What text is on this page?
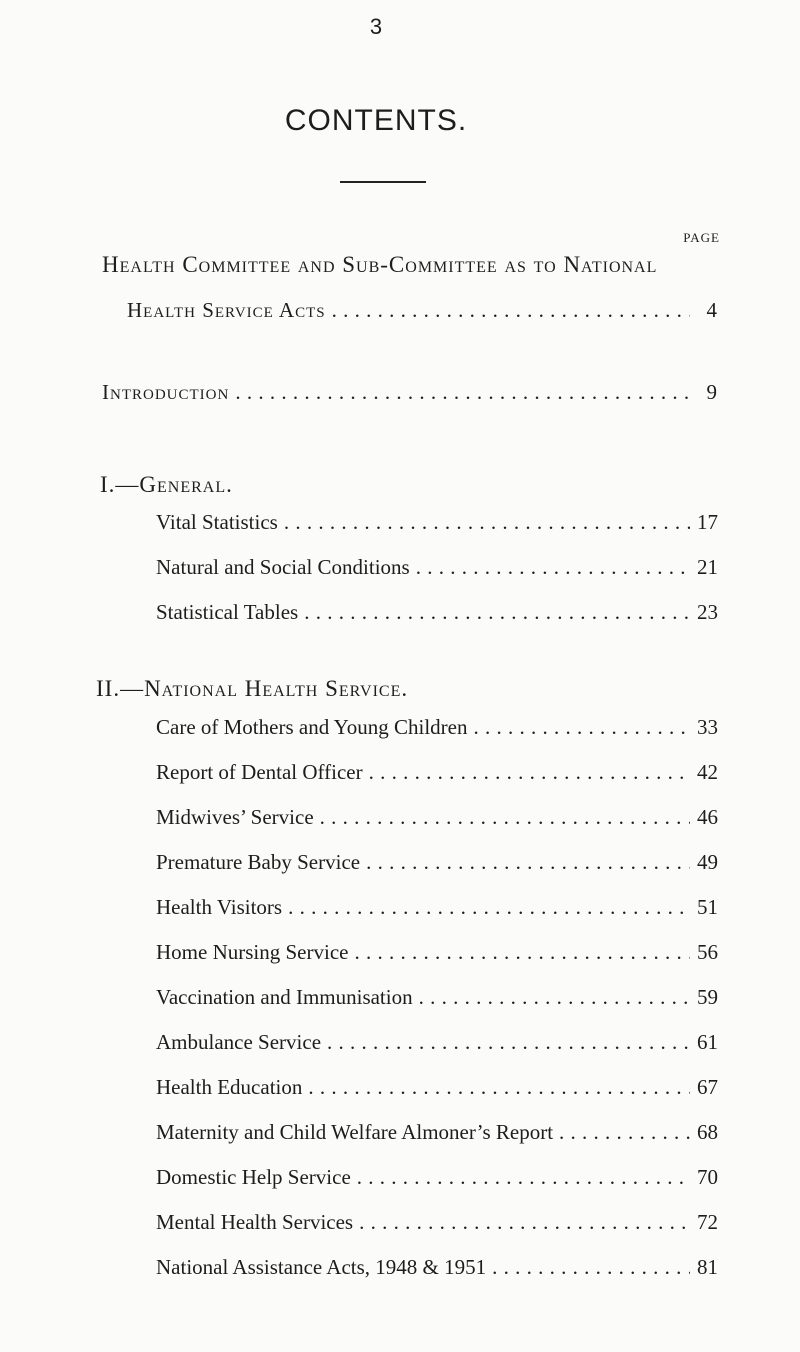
3
CONTENTS.
PAGE
Health Committee and Sub-Committee as to National
Health Service Acts . . .	4
Introduction . . .	9
I.—General.
Vital Statistics . . .	17
Natural and Social Conditions . . .	21
Statistical Tables . . .	23
II.—National Health Service.
Care of Mothers and Young Children . . .	33
Report of Dental Officer . . .	42
Midwives’ Service . . .	46
Premature Baby Service . . .	49
Health Visitors . . .	51
Home Nursing Service . . .	56
Vaccination and Immunisation . . .	59
Ambulance Service . . .	61
Health Education . . .	67
Maternity and Child Welfare Almoner’s Report . . .	68
Domestic Help Service . . .	70
Mental Health Services . . .	72
National Assistance Acts, 1948 & 1951 . . .	81
